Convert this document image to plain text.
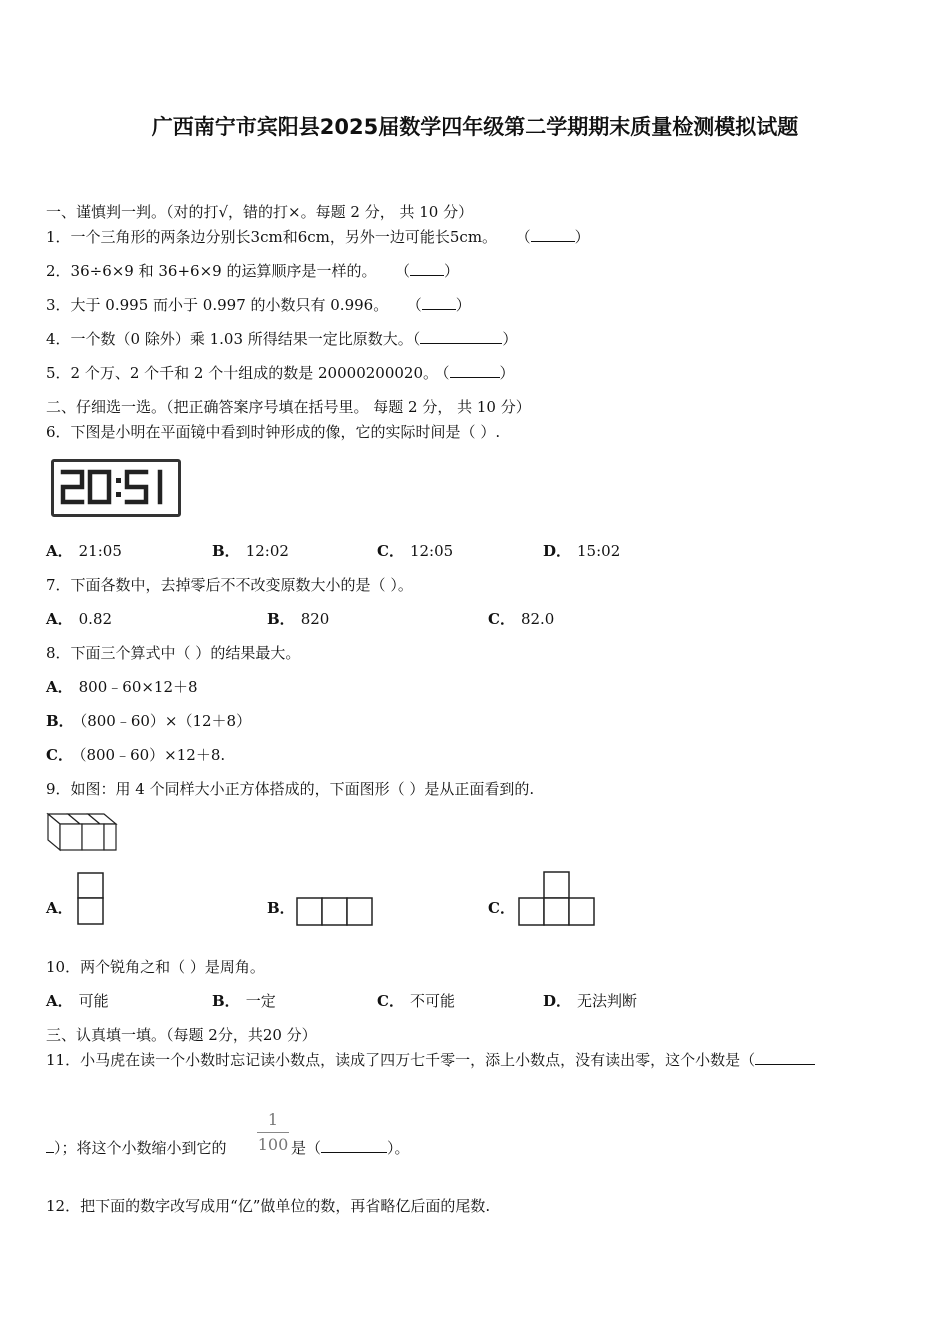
广西南宁市宾阳县2025届数学四年级第二学期期末质量检测模拟试题
一、谨慎判一判。（对的打√，错的打×。每题 2 分， 共 10 分）
1．一个三角形的两条边分别长3cm和6cm，另外一边可能长5cm。 （	）
2．36÷6×9 和 36+6×9 的运算顺序是一样的。 （ ）
3．大于 0.995 而小于 0.997 的小数只有 0.996。 （ ）
4．一个数（0 除外）乘 1.03 所得结果一定比原数大。（	）
5．2 个万、2 个千和 2 个十组成的数是 20000200020。 （	）
二、仔细选一选。（把正确答案序号填在括号里。 每题 2 分， 共 10 分）
6．下图是小明在平面镜中看到时钟形成的像，它的实际时间是（ ）.
A． 21:05	B． 12:02	C． 12:05	D． 15:02
7．下面各数中，去掉零后不不改变原数大小的是（ ）。
A． 0.82	B． 820	C． 82.0
8．下面三个算式中（ ）的结果最大。
A． 800﹣60×12＋8
B． （800﹣60）×（12＋8）
C． （800﹣60）×12＋8.
9．如图：用 4 个同样大小正方体搭成的，下面图形（ ）是从正面看到的.
A．	B．	C．
10．两个锐角之和（ ）是周角。
A． 可能	B． 一定	C． 不可能	D． 无法判断
三、认真填一填。（每题 2分，共20 分）
11．小马虎在读一个小数时忘记读小数点，读成了四万七千零一，添上小数点，没有读出零，这个小数是（
）；将这个小数缩小到它的
1
100 是（	）。
12．把下面的数字改写成用“亿”做单位的数，再省略亿后面的尾数.
